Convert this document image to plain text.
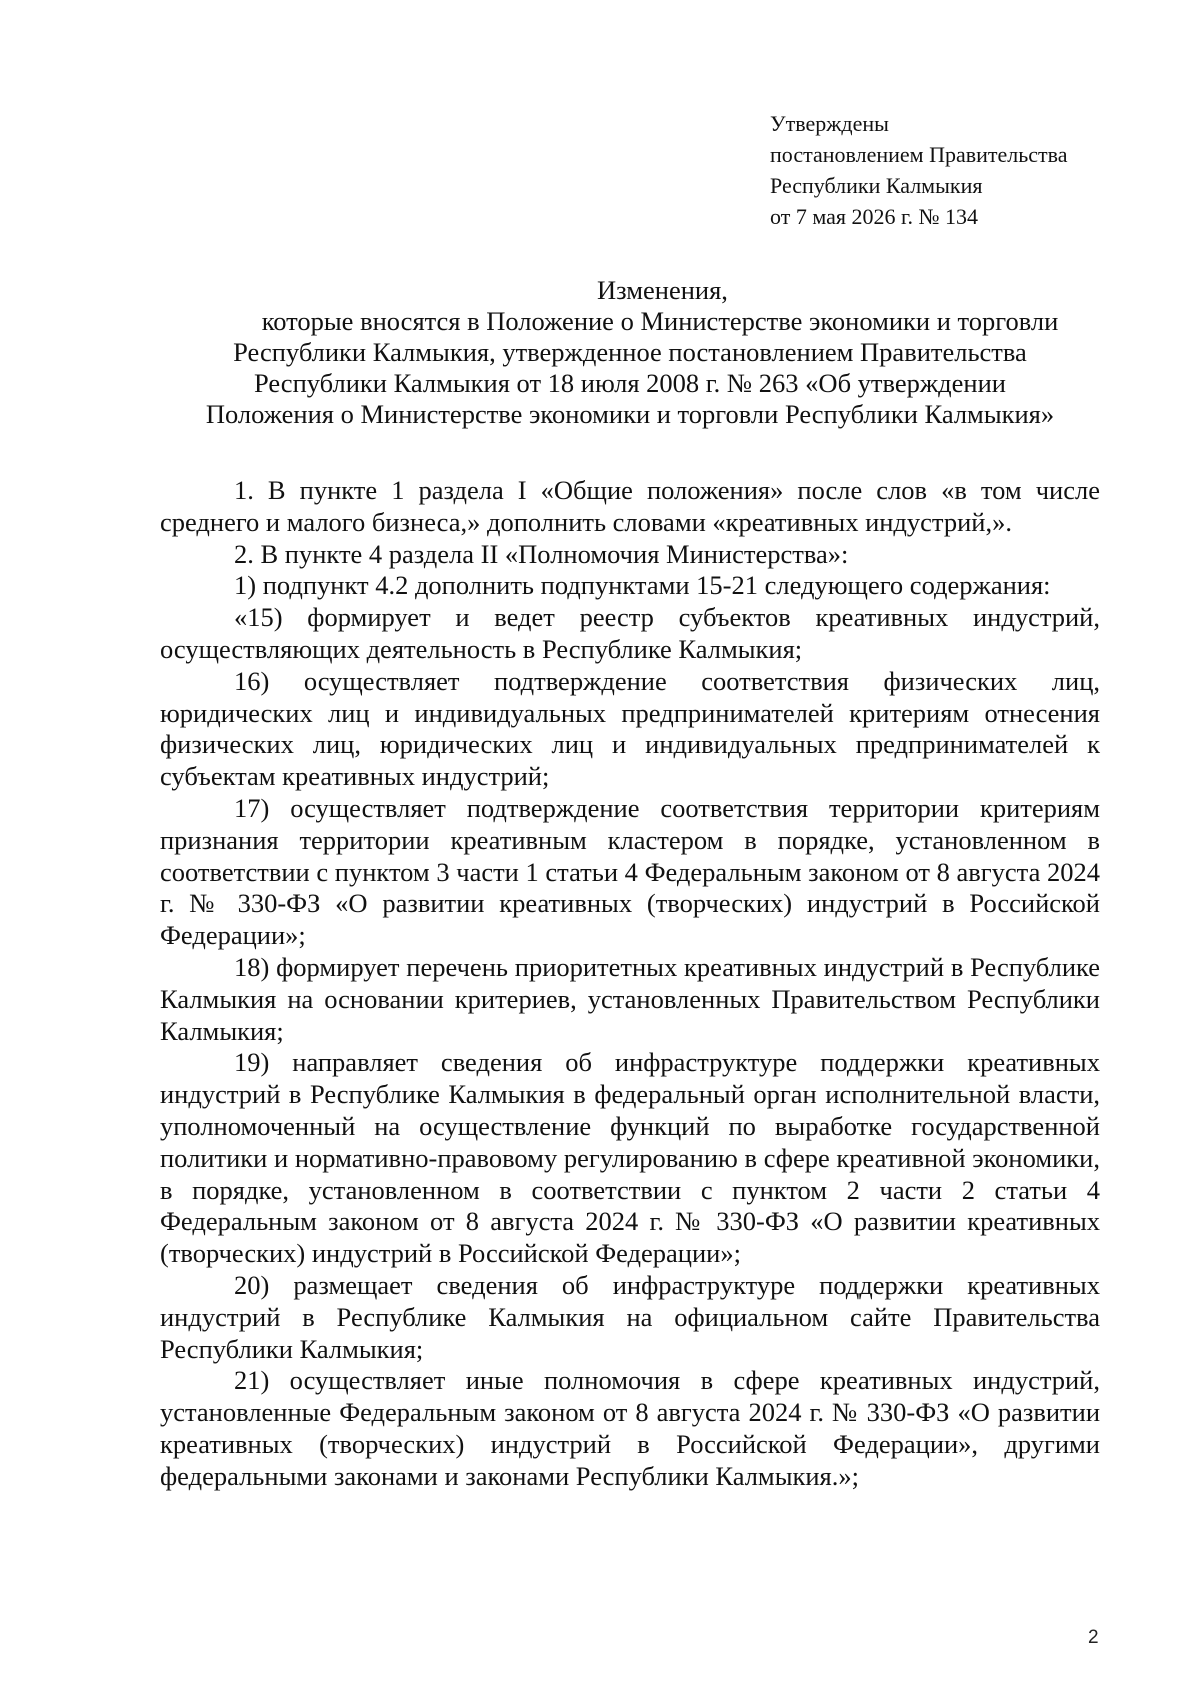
Утверждены
постановлением Правительства
Республики Калмыкия
от 7 мая 2026 г. № 134
Изменения,
которые вносятся в Положение о Министерстве экономики и торговли
Республики Калмыкия, утвержденное постановлением Правительства
Республики Калмыкия от 18 июля 2008 г. № 263 «Об утверждении
Положения о Министерстве экономики и торговли Республики Калмыкия»

1. В пункте 1 раздела I «Общие положения» после слов «в том числе среднего и малого бизнеса,» дополнить словами «креативных индустрий,».

2. В пункте 4 раздела II «Полномочия Министерства»:

1) подпункт 4.2 дополнить подпунктами 15-21 следующего содержания:

«15) формирует и ведет реестр субъектов креативных индустрий, осуществляющих деятельность в Республике Калмыкия;

16) осуществляет подтверждение соответствия физических лиц, юридических лиц и индивидуальных предпринимателей критериям отнесения физических лиц, юридических лиц и индивидуальных предпринимателей к субъектам креативных индустрий;

17) осуществляет подтверждение соответствия территории критериям признания территории креативным кластером в порядке, установленном в соответствии с пунктом 3 части 1 статьи 4 Федеральным законом от 8 августа 2024 г. № 330-ФЗ «О развитии креативных (творческих) индустрий в Российской Федерации»;

18) формирует перечень приоритетных креативных индустрий в Республике Калмыкия на основании критериев, установленных Правительством Республики Калмыкия;

19) направляет сведения об инфраструктуре поддержки креативных индустрий в Республике Калмыкия в федеральный орган исполнительной власти, уполномоченный на осуществление функций по выработке государственной политики и нормативно-правовому регулированию в сфере креативной экономики, в порядке, установленном в соответствии с пунктом 2 части 2 статьи 4 Федеральным законом от 8 августа 2024 г. № 330-ФЗ «О развитии креативных (творческих) индустрий в Российской Федерации»;

20) размещает сведения об инфраструктуре поддержки креативных индустрий в Республике Калмыкия на официальном сайте Правительства Республики Калмыкия;

21) осуществляет иные полномочия в сфере креативных индустрий, установленные Федеральным законом от 8 августа 2024 г. № 330-ФЗ «О развитии креативных (творческих) индустрий в Российской Федерации», другими федеральными законами и законами Республики Калмыкия.»;

2
